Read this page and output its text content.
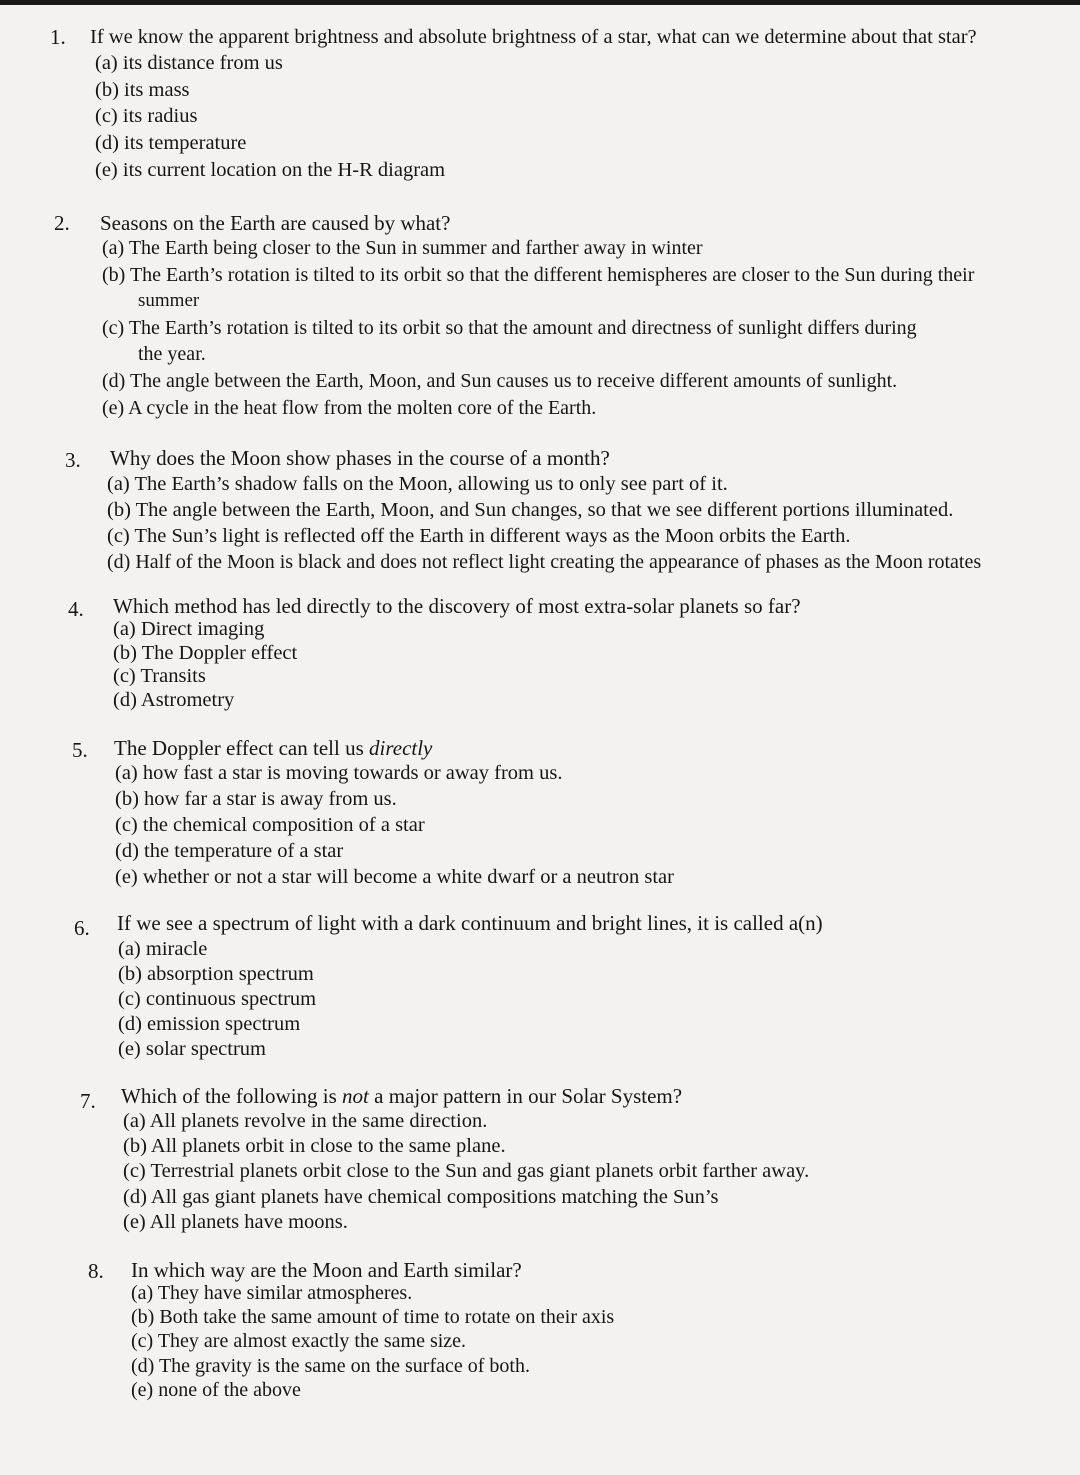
1. If we know the apparent brightness and absolute brightness of a star, what can we determine about that star?
(a) its distance from us
(b) its mass
(c) its radius
(d) its temperature
(e) its current location on the H-R diagram
2. Seasons on the Earth are caused by what?
(a) The Earth being closer to the Sun in summer and farther away in winter
(b) The Earth’s rotation is tilted to its orbit so that the different hemispheres are closer to the Sun during their
summer
(c) The Earth’s rotation is tilted to its orbit so that the amount and directness of sunlight differs during
the year.
(d) The angle between the Earth, Moon, and Sun causes us to receive different amounts of sunlight.
(e) A cycle in the heat flow from the molten core of the Earth.
3. Why does the Moon show phases in the course of a month?
(a) The Earth’s shadow falls on the Moon, allowing us to only see part of it.
(b) The angle between the Earth, Moon, and Sun changes, so that we see different portions illuminated.
(c) The Sun’s light is reflected off the Earth in different ways as the Moon orbits the Earth.
(d) Half of the Moon is black and does not reflect light creating the appearance of phases as the Moon rotates
4. Which method has led directly to the discovery of most extra-solar planets so far?
(a) Direct imaging
(b) The Doppler effect
(c) Transits
(d) Astrometry
5. The Doppler effect can tell us directly
(a) how fast a star is moving towards or away from us.
(b) how far a star is away from us.
(c) the chemical composition of a star
(d) the temperature of a star
(e) whether or not a star will become a white dwarf or a neutron star
6. If we see a spectrum of light with a dark continuum and bright lines, it is called a(n)
(a) miracle
(b) absorption spectrum
(c) continuous spectrum
(d) emission spectrum
(e) solar spectrum
7. Which of the following is not a major pattern in our Solar System?
(a) All planets revolve in the same direction.
(b) All planets orbit in close to the same plane.
(c) Terrestrial planets orbit close to the Sun and gas giant planets orbit farther away.
(d) All gas giant planets have chemical compositions matching the Sun’s
(e) All planets have moons.
8. In which way are the Moon and Earth similar?
(a) They have similar atmospheres.
(b) Both take the same amount of time to rotate on their axis
(c) They are almost exactly the same size.
(d) The gravity is the same on the surface of both.
(e) none of the above
